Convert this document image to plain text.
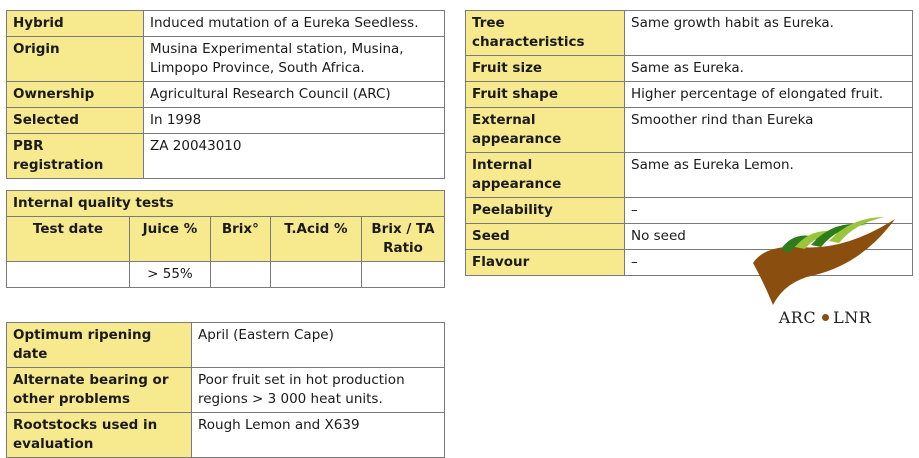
Hybrid	Induced mutation of a Eureka Seedless.
Origin	Musina Experimental station, Musina, Limpopo Province, South Africa.
Ownership	Agricultural Research Council (ARC)
Selected	In 1998
PBR registration	ZA 20043010
Tree characteristics	Same growth habit as Eureka.
Fruit size	Same as Eureka.
Fruit shape	Higher percentage of elongated fruit.
External appearance	Smoother rind than Eureka
Internal appearance	Same as Eureka Lemon.
Peelability	–
Seed	No seed
Flavour	–
Internal quality tests				
Test date	Juice %	Brix°	T.Acid %	Brix / TA Ratio
	> 55%			
Optimum ripening date	April (Eastern Cape)
Alternate bearing or other problems	Poor fruit set in hot production regions > 3 000 heat units.
Rootstocks used in evaluation	Rough Lemon and X639
ARC LNR
